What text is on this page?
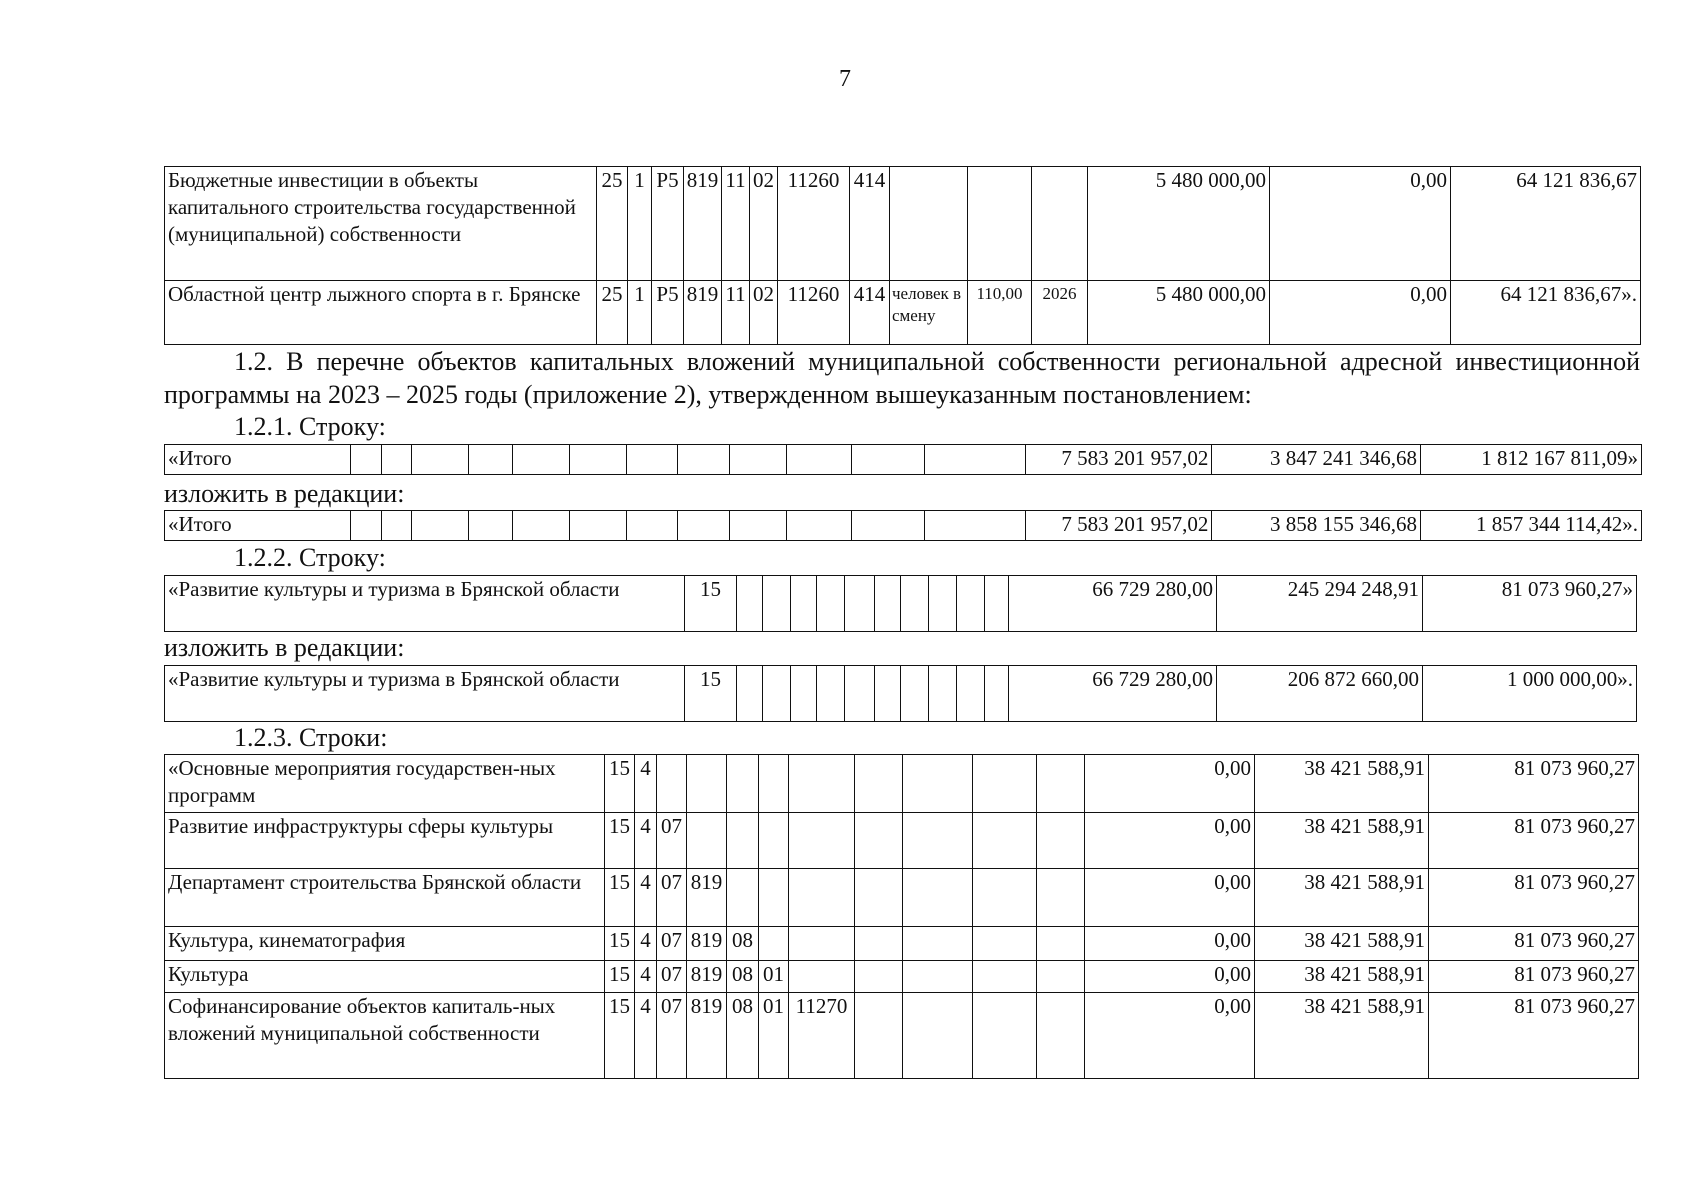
7
Бюджетные инвестиции в объекты капитального строительства государственной (муниципальной) собственности	25	1	P5	819	11	02	11260	414				5 480 000,00	0,00	64 121 836,67
Областной центр лыжного спорта в г. Брянске	25	1	P5	819	11	02	11260	414	человек в смену	110,00	2026	5 480 000,00	0,00	64 121 836,67».
1.2. В перечне объектов капитальных вложений муниципальной собственности региональной адресной инвестиционной программы на 2023 – 2025 годы (приложение 2), утвержденном вышеуказанным постановлением:
1.2.1. Строку:
«Итого													7 583 201 957,02	3 847 241 346,68	1 812 167 811,09»
изложить в редакции:
«Итого													7 583 201 957,02	3 858 155 346,68	1 857 344 114,42».
1.2.2. Строку:
«Развитие культуры и туризма в Брянской области	15											66 729 280,00	245 294 248,91	81 073 960,27»
изложить в редакции:
«Развитие культуры и туризма в Брянской области	15											66 729 280,00	206 872 660,00	1 000 000,00».
1.2.3. Строки:
«Основные мероприятия государствен-ных программ	15	4										0,00	38 421 588,91	81 073 960,27
Развитие инфраструктуры сферы культуры	15	4	07									0,00	38 421 588,91	81 073 960,27
Департамент строительства Брянской области	15	4	07	819								0,00	38 421 588,91	81 073 960,27
Культура, кинематография	15	4	07	819	08							0,00	38 421 588,91	81 073 960,27
Культура	15	4	07	819	08	01						0,00	38 421 588,91	81 073 960,27
Софинансирование объектов капиталь-ных вложений муниципальной собственности	15	4	07	819	08	01	11270					0,00	38 421 588,91	81 073 960,27
